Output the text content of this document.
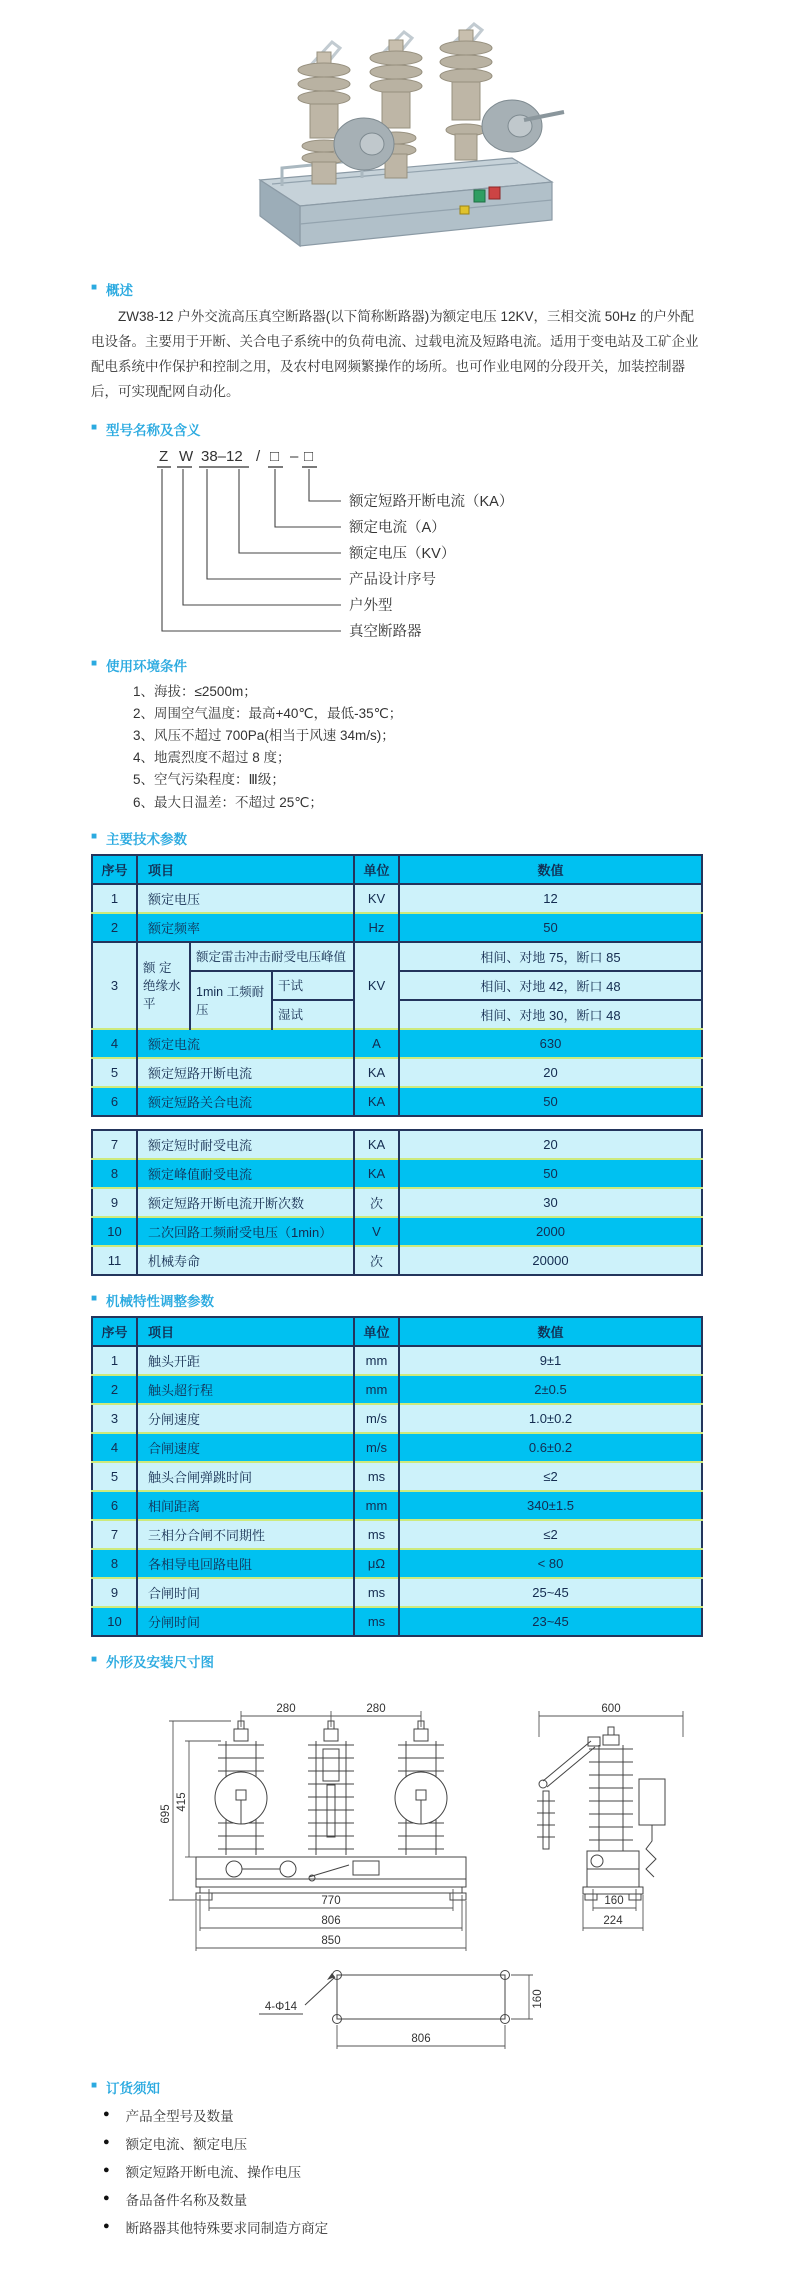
■ 概述

ZW38-12 户外交流高压真空断路器(以下简称断路器)为额定电压 12KV，三相交流 50Hz 的户外配电设备。主要用于开断、关合电子系统中的负荷电流、过载电流及短路电流。适用于变电站及工矿企业配电系统中作保护和控制之用，及农村电网频繁操作的场所。也可作业电网的分段开关，加装控制器后，可实现配网自动化。

■ 型号名称及含义
Z W 38–12 / □ – □
额定短路开断电流（KA）
额定电流（A）
额定电压（KV）
产品设计序号
户外型
真空断路器
■ 使用环境条件
1、海拔：≤2500m；
2、周围空气温度：最高+40℃，最低-35℃；
3、风压不超过 700Pa(相当于风速 34m/s)；
4、地震烈度不超过 8 度；
5、空气污染程度：Ⅲ级；
6、最大日温差：不超过 25℃；
■ 主要技术参数
序号	项目			单位	数值
1	额定电压			KV	12
2	额定频率			Hz	50
3	额 定 绝缘水平	额定雷击冲击耐受电压峰值		KV	相间、对地 75，断口 85
		1min 工频耐压	干试		相间、对地 42，断口 48
			湿试		相间、对地 30，断口 48
4	额定电流			A	630
5	额定短路开断电流			KA	20
6	额定短路关合电流			KA	50
7	额定短时耐受电流	KA	20
8	额定峰值耐受电流	KA	50
9	额定短路开断电流开断次数	次	30
10	二次回路工频耐受电压（1min）	V	2000
11	机械寿命	次	20000
■ 机械特性调整参数
序号	项目	单位	数值
1	触头开距	mm	9±1
2	触头超行程	mm	2±0.5
3	分闸速度	m/s	1.0±0.2
4	合闸速度	m/s	0.6±0.2
5	触头合闸弹跳时间	ms	≤2
6	相间距离	mm	340±1.5
7	三相分合闸不同期性	ms	≤2
8	各相导电回路电阻	μΩ	< 80
9	合闸时间	ms	25~45
10	分闸时间	ms	23~45
■ 外形及安装尺寸图
280	280	600
695
415
770
806
850
160
224
4-Φ14	160
806
■ 订货须知
● 产品全型号及数量
● 额定电流、额定电压
● 额定短路开断电流、操作电压
● 备品备件名称及数量
● 断路器其他特殊要求同制造方商定
